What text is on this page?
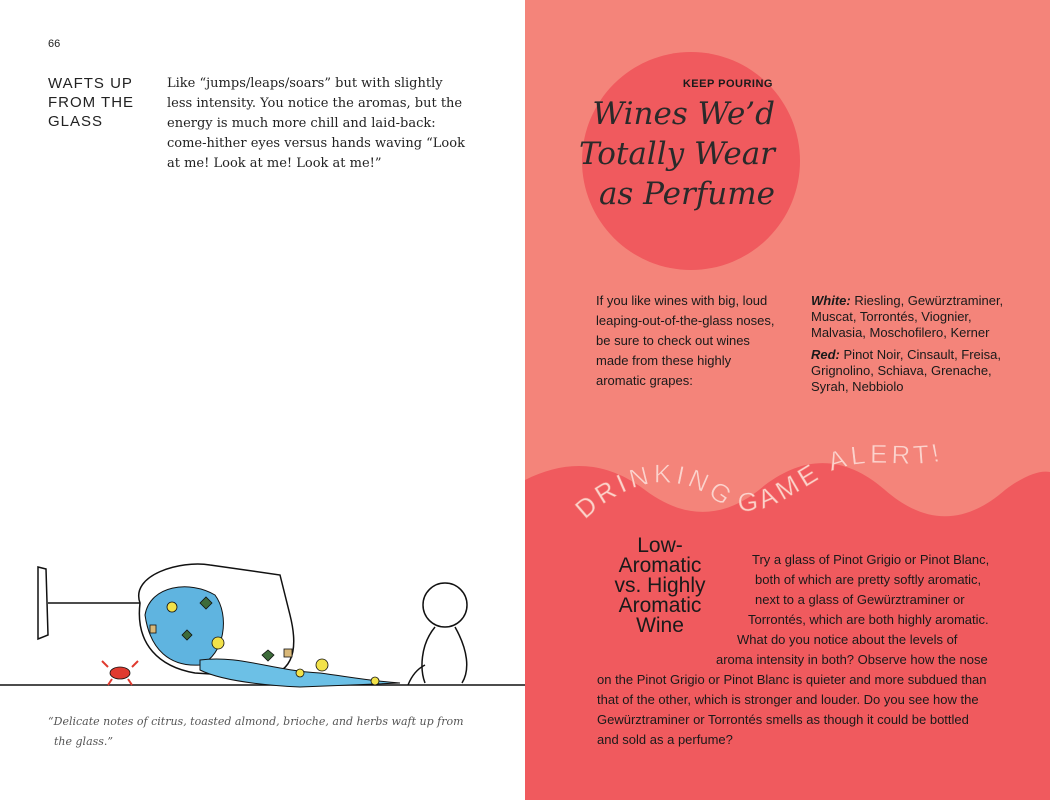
66
WAFTS UP FROM THE GLASS
Like “jumps/leaps/soars” but with slightly less intensity. You notice the aromas, but the energy is much more chill and laid-back: come-hither eyes versus hands waving “Look at me! Look at me! Look at me!”
“Delicate notes of citrus, toasted almond, brioche, and herbs waft up from
the glass.”
KEEP POURING
Wines We’d
Totally Wear
as Perfume
If you like wines with big, loud leaping-out-of-the-glass noses, be sure to check out wines made from these highly aromatic grapes:

White: Riesling, Gewürztraminer, Muscat, Torrontés, Viognier, Malvasia, Moschofilero, Kerner

Red: Pinot Noir, Cinsault, Freisa, Grignolino, Schiava, Grenache, Syrah, Nebbiolo

DRINKING GAME ALERT!
Low-
Aromatic
vs. Highly
Aromatic
Wine
Try a glass of Pinot Grigio or Pinot Blanc,
both of which are pretty softly aromatic,
next to a glass of Gewürztraminer or
Torrontés, which are both highly aromatic.
What do you notice about the levels of
aroma intensity in both? Observe how the nose
on the Pinot Grigio or Pinot Blanc is quieter and more subdued than
that of the other, which is stronger and louder. Do you see how the
Gewürztraminer or Torrontés smells as though it could be bottled
and sold as a perfume?
